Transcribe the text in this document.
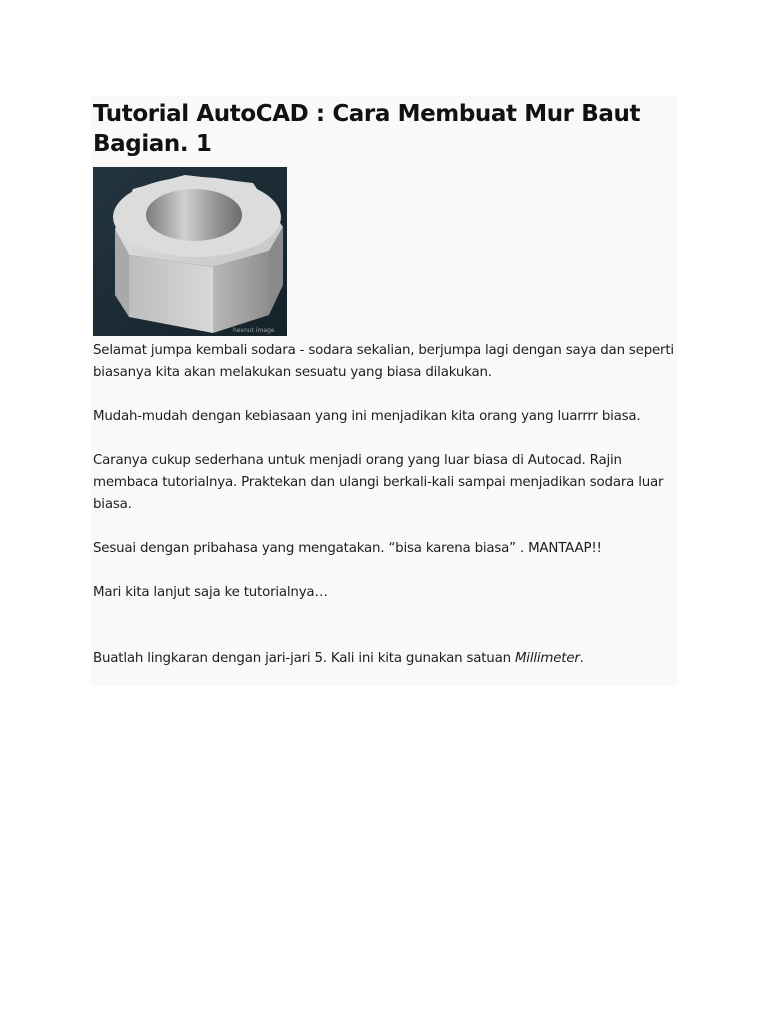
Tutorial AutoCAD : Cara Membuat Mur Baut Bagian. 1
hexnut image

Selamat jumpa kembali sodara - sodara sekalian, berjumpa lagi dengan saya dan seperti biasanya kita akan melakukan sesuatu yang biasa dilakukan.

Mudah-mudah dengan kebiasaan yang ini menjadikan kita orang yang luarrrr biasa.

Caranya cukup sederhana untuk menjadi orang yang luar biasa di Autocad. Rajin membaca tutorialnya. Praktekan dan ulangi berkali-kali sampai menjadikan sodara luar biasa.

Sesuai dengan pribahasa yang mengatakan. “bisa karena biasa” . MANTAAP!!

Mari kita lanjut saja ke tutorialnya…

Buatlah lingkaran dengan jari-jari 5. Kali ini kita gunakan satuan Millimeter.
